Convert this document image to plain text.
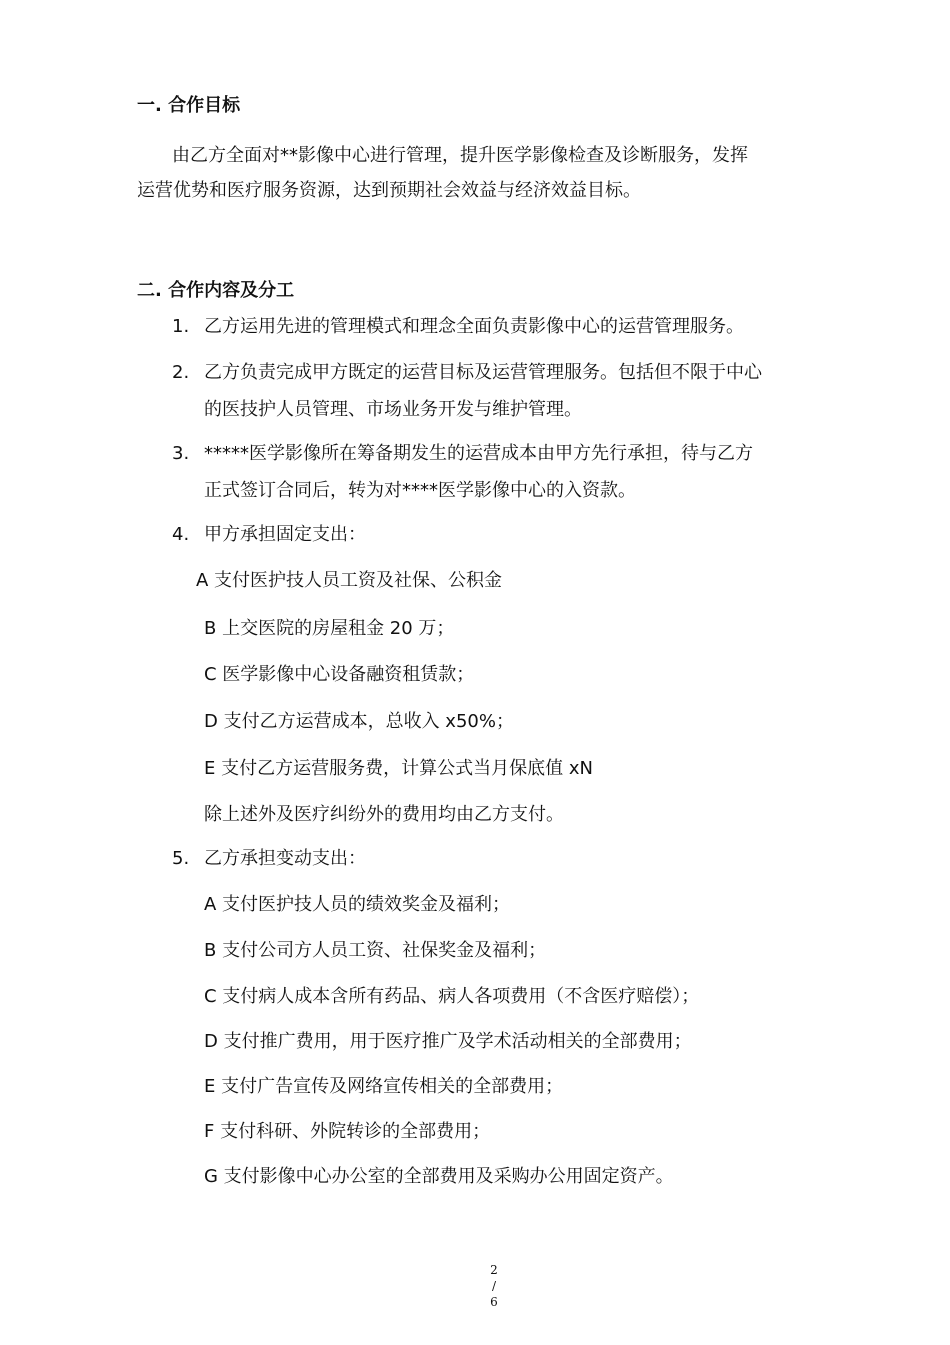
一. 合作目标
由乙方全面对**影像中心进行管理，提升医学影像检查及诊断服务，发挥
运营优势和医疗服务资源，达到预期社会效益与经济效益目标。
二. 合作内容及分工
1. 乙方运用先进的管理模式和理念全面负责影像中心的运营管理服务。
2. 乙方负责完成甲方既定的运营目标及运营管理服务。包括但不限于中心
的医技护人员管理、市场业务开发与维护管理。
3. *****医学影像所在筹备期发生的运营成本由甲方先行承担，待与乙方
正式签订合同后，转为对****医学影像中心的入资款。
4. 甲方承担固定支出：
A 支付医护技人员工资及社保、公积金
B 上交医院的房屋租金 20 万；
C 医学影像中心设备融资租赁款；
D 支付乙方运营成本，总收入 x50%；
E 支付乙方运营服务费，计算公式当月保底值 xN
除上述外及医疗纠纷外的费用均由乙方支付。
5. 乙方承担变动支出：
A 支付医护技人员的绩效奖金及福利；
B 支付公司方人员工资、社保奖金及福利；
C 支付病人成本含所有药品、病人各项费用（不含医疗赔偿）；
D 支付推广费用，用于医疗推广及学术活动相关的全部费用；
E 支付广告宣传及网络宣传相关的全部费用；
F 支付科研、外院转诊的全部费用；
G 支付影像中心办公室的全部费用及采购办公用固定资产。
2
/
6
